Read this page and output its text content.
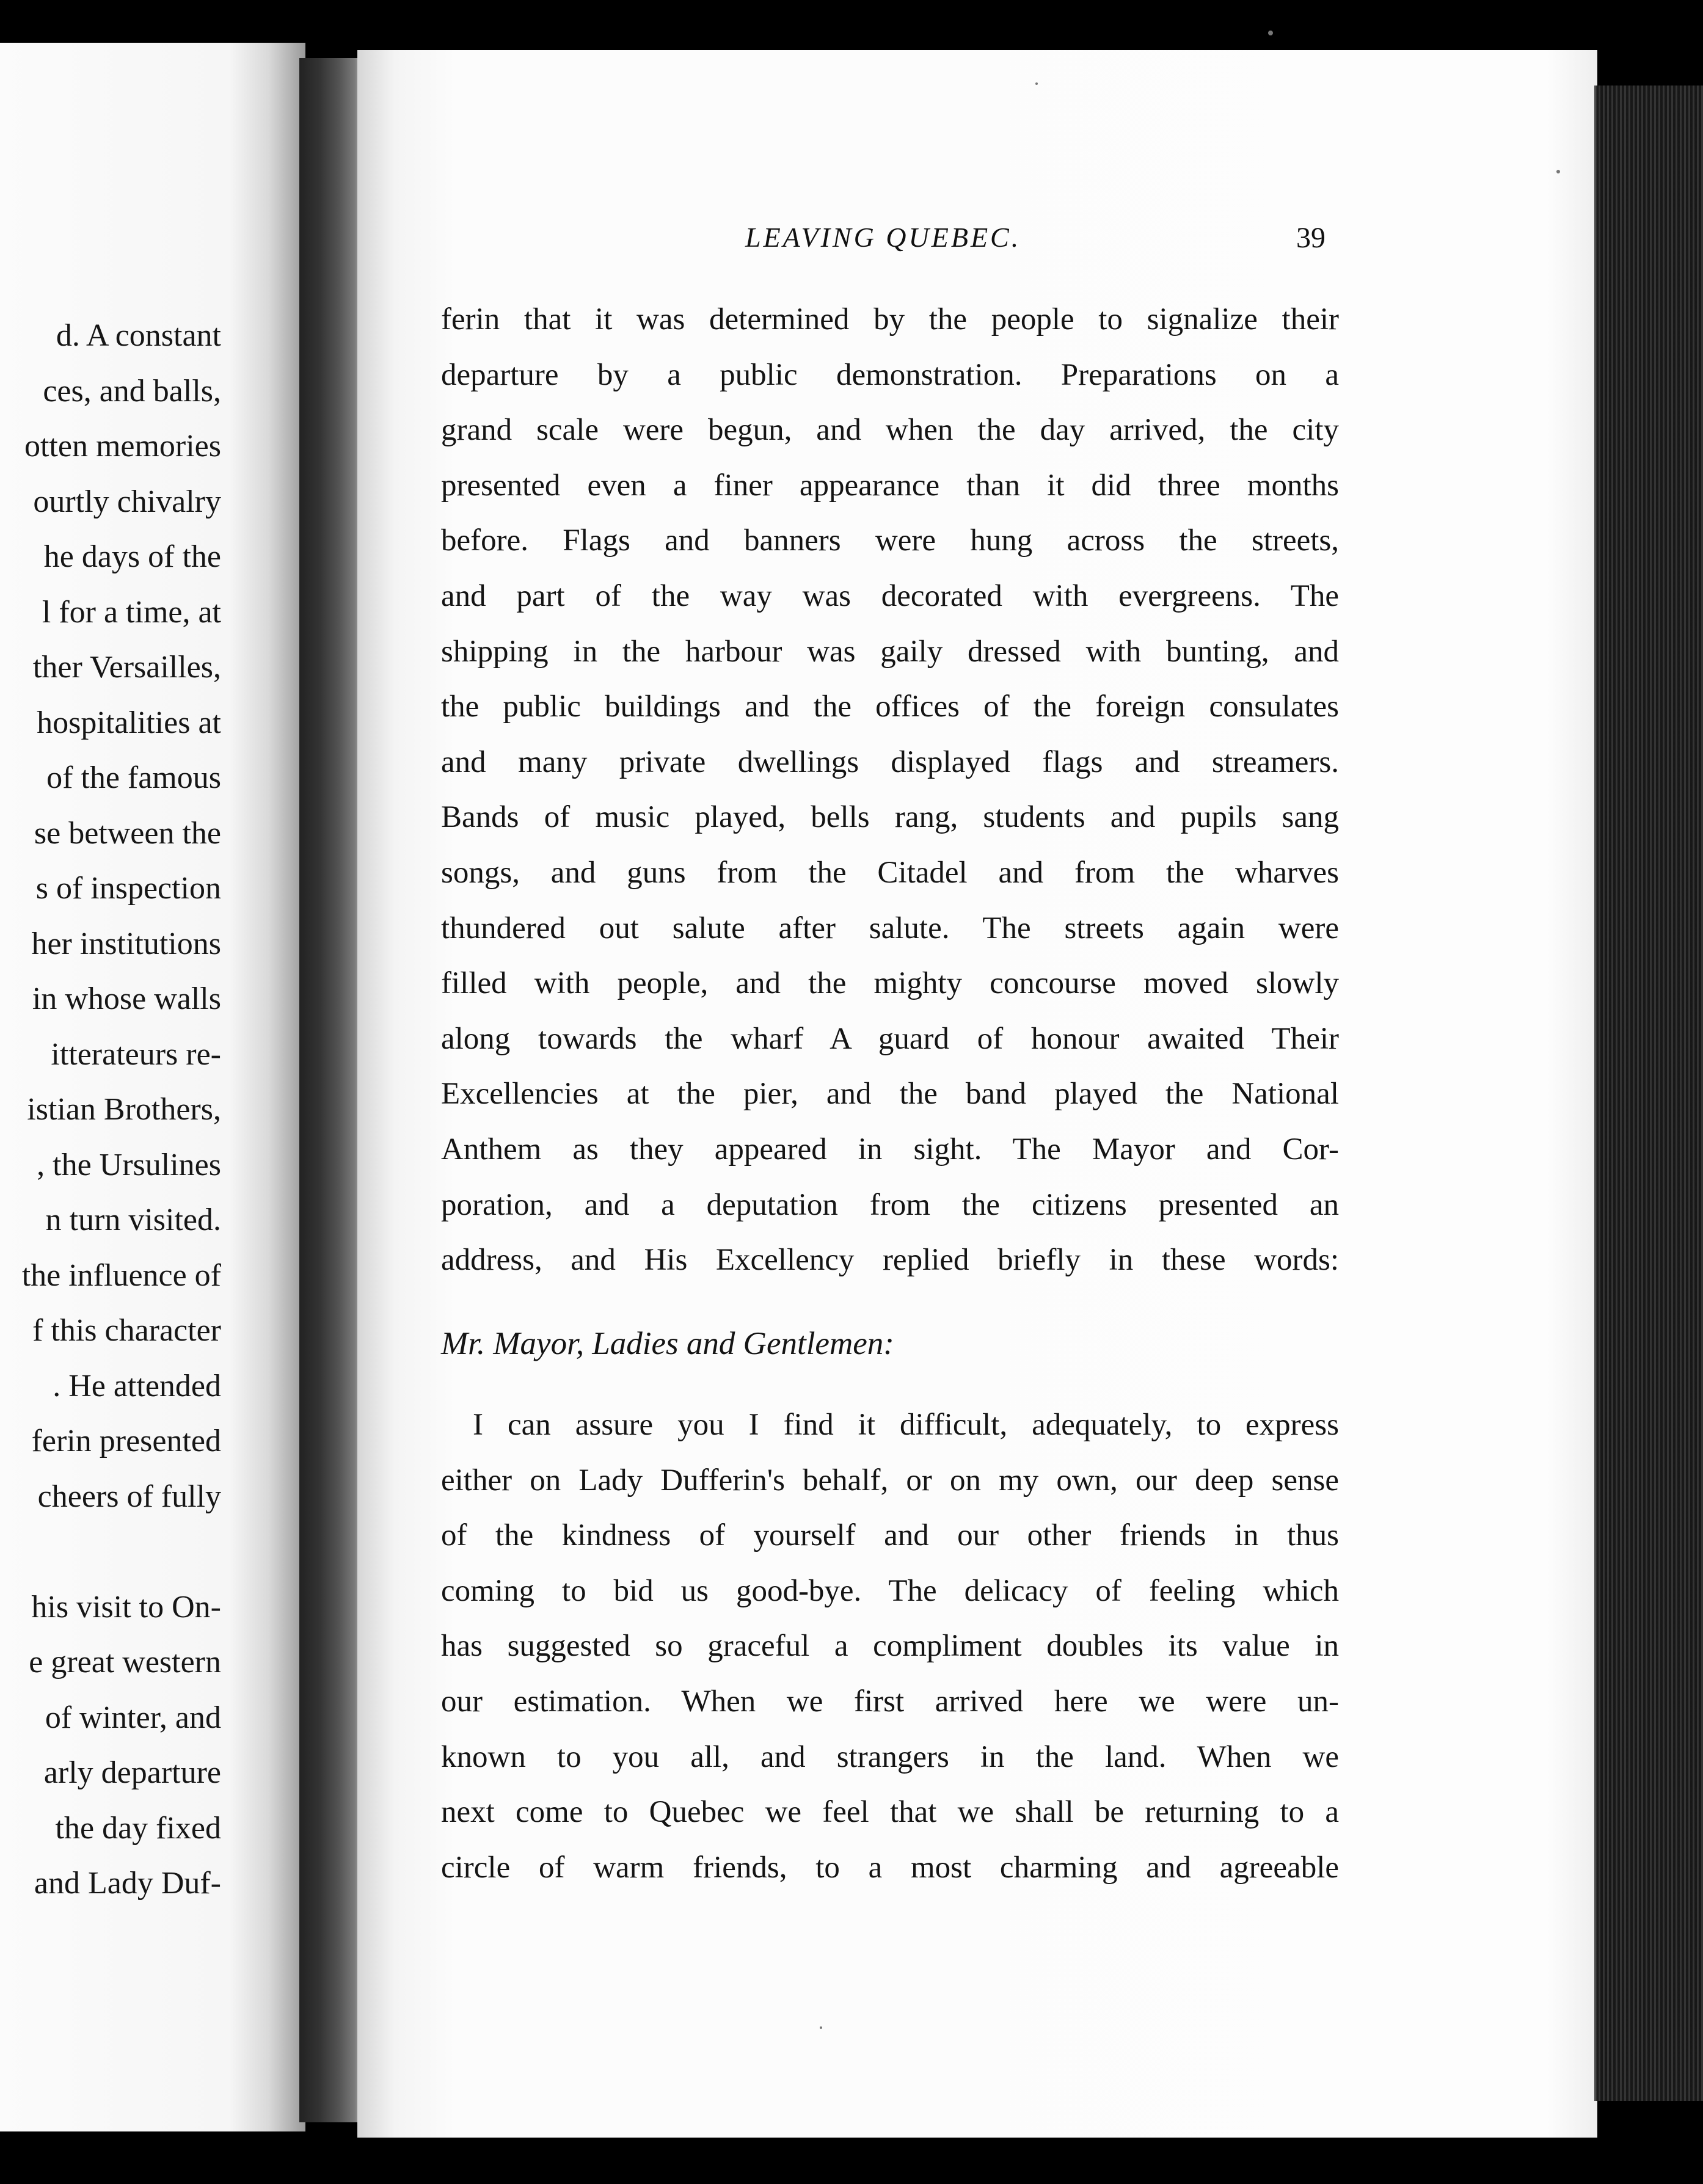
d. A constant
ces, and balls,
otten memories
ourtly chivalry
he days of the
l for a time, at
ther Versailles,
hospitalities at
of the famous
se between the
s of inspection
her institutions
in whose walls
itterateurs re-
istian Brothers,
, the Ursulines
n turn visited.
the influence of
f this character
. He attended
ferin presented
cheers of fully
his visit to On-
e great western
of winter, and
arly departure
the day fixed
and Lady Duf-
LEAVING QUEBEC.	39
ferin that it was determined by the people to signalize their
departure by a public demonstration. Preparations on a
grand scale were begun, and when the day arrived, the city
presented even a finer appearance than it did three months
before. Flags and banners were hung across the streets,
and part of the way was decorated with evergreens. The
shipping in the harbour was gaily dressed with bunting, and
the public buildings and the offices of the foreign consulates
and many private dwellings displayed flags and streamers.
Bands of music played, bells rang, students and pupils sang
songs, and guns from the Citadel and from the wharves
thundered out salute after salute. The streets again were
filled with people, and the mighty concourse moved slowly
along towards the wharf A guard of honour awaited Their
Excellencies at the pier, and the band played the National
Anthem as they appeared in sight. The Mayor and Cor-
poration, and a deputation from the citizens presented an
address, and His Excellency replied briefly in these words:
Mr. Mayor, Ladies and Gentlemen:
I can assure you I find it difficult, adequately, to express
either on Lady Dufferin's behalf, or on my own, our deep sense
of the kindness of yourself and our other friends in thus
coming to bid us good-bye. The delicacy of feeling which
has suggested so graceful a compliment doubles its value in
our estimation. When we first arrived here we were un-
known to you all, and strangers in the land. When we
next come to Quebec we feel that we shall be returning to a
circle of warm friends, to a most charming and agreeable
